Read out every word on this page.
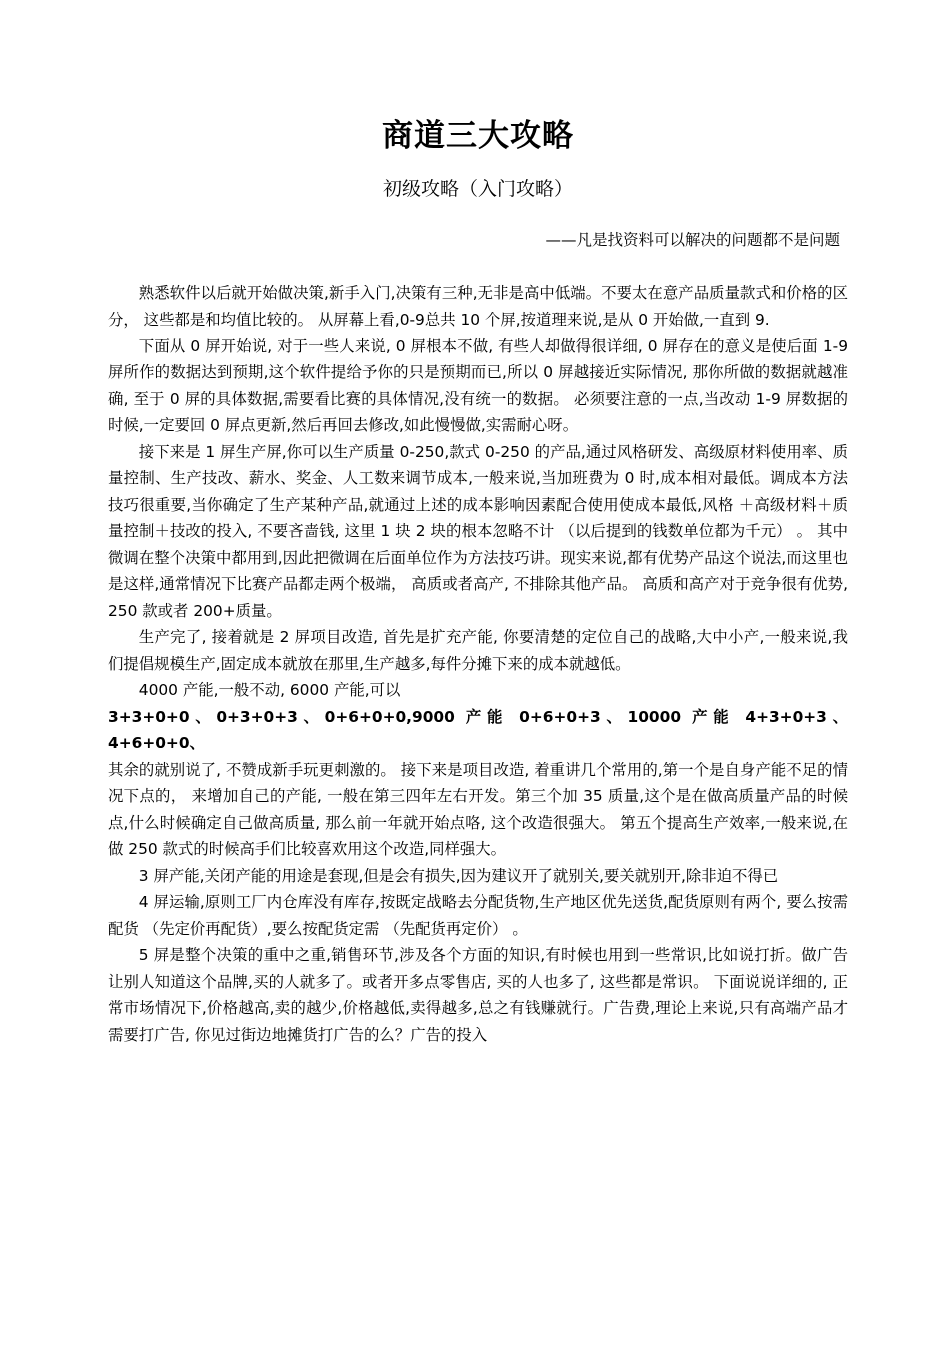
商道三大攻略
初级攻略（入门攻略）
——凡是找资料可以解决的问题都不是问题

熟悉软件以后就开始做决策,新手入门,决策有三种,无非是高中低端。不要太在意产品质量款式和价格的区分， 这些都是和均值比较的。 从屏幕上看,0-9总共 10 个屏,按道理来说,是从 0 开始做,一直到 9.

下面从 0 屏开始说, 对于一些人来说, 0 屏根本不做, 有些人却做得很详细, 0 屏存在的意义是使后面 1-9 屏所作的数据达到预期,这个软件提给予你的只是预期而已,所以 0 屏越接近实际情况, 那你所做的数据就越准确, 至于 0 屏的具体数据,需要看比赛的具体情况,没有统一的数据。 必须要注意的一点,当改动 1-9 屏数据的时候,一定要回 0 屏点更新,然后再回去修改,如此慢慢做,实需耐心呀。

接下来是 1 屏生产屏,你可以生产质量 0-250,款式 0-250 的产品,通过风格研发、高级原材料使用率、质量控制、生产技改、薪水、奖金、人工数来调节成本,一般来说,当加班费为 0 时,成本相对最低。调成本方法技巧很重要,当你确定了生产某种产品,就通过上述的成本影响因素配合使用使成本最低,风格 ＋高级材料＋质量控制＋技改的投入, 不要吝啬钱, 这里 1 块 2 块的根本忽略不计 （以后提到的钱数单位都为千元） 。 其中微调在整个决策中都用到,因此把微调在后面单位作为方法技巧讲。现实来说,都有优势产品这个说法,而这里也是这样,通常情况下比赛产品都走两个极端， 高质或者高产, 不排除其他产品。 高质和高产对于竞争很有优势, 250 款或者 200+质量。

生产完了, 接着就是 2 屏项目改造, 首先是扩充产能, 你要清楚的定位自己的战略,大中小产,一般来说,我们提倡规模生产,固定成本就放在那里,生产越多,每件分摊下来的成本就越低。

4000 产能,一般不动, 6000 产能,可以

3+3+0+0、0+3+0+3、0+6+0+0,9000 产能 0+6+0+3、10000 产能 4+3+0+3、4+6+0+0、

其余的就别说了, 不赞成新手玩更刺激的。 接下来是项目改造, 着重讲几个常用的,第一个是自身产能不足的情况下点的， 来增加自己的产能, 一般在第三四年左右开发。第三个加 35 质量,这个是在做高质量产品的时候点,什么时候确定自己做高质量, 那么前一年就开始点咯, 这个改造很强大。 第五个提高生产效率,一般来说,在做 250 款式的时候高手们比较喜欢用这个改造,同样强大。

3 屏产能,关闭产能的用途是套现,但是会有损失,因为建议开了就别关,要关就别开,除非迫不得已

4 屏运输,原则工厂内仓库没有库存,按既定战略去分配货物,生产地区优先送货,配货原则有两个, 要么按需配货 （先定价再配货）,要么按配货定需 （先配货再定价） 。

5 屏是整个决策的重中之重,销售环节,涉及各个方面的知识,有时候也用到一些常识,比如说打折。做广告让别人知道这个品牌,买的人就多了。或者开多点零售店, 买的人也多了, 这些都是常识。 下面说说详细的, 正常市场情况下,价格越高,卖的越少,价格越低,卖得越多,总之有钱赚就行。广告费,理论上来说,只有高端产品才需要打广告, 你见过街边地摊货打广告的么？广告的投入
